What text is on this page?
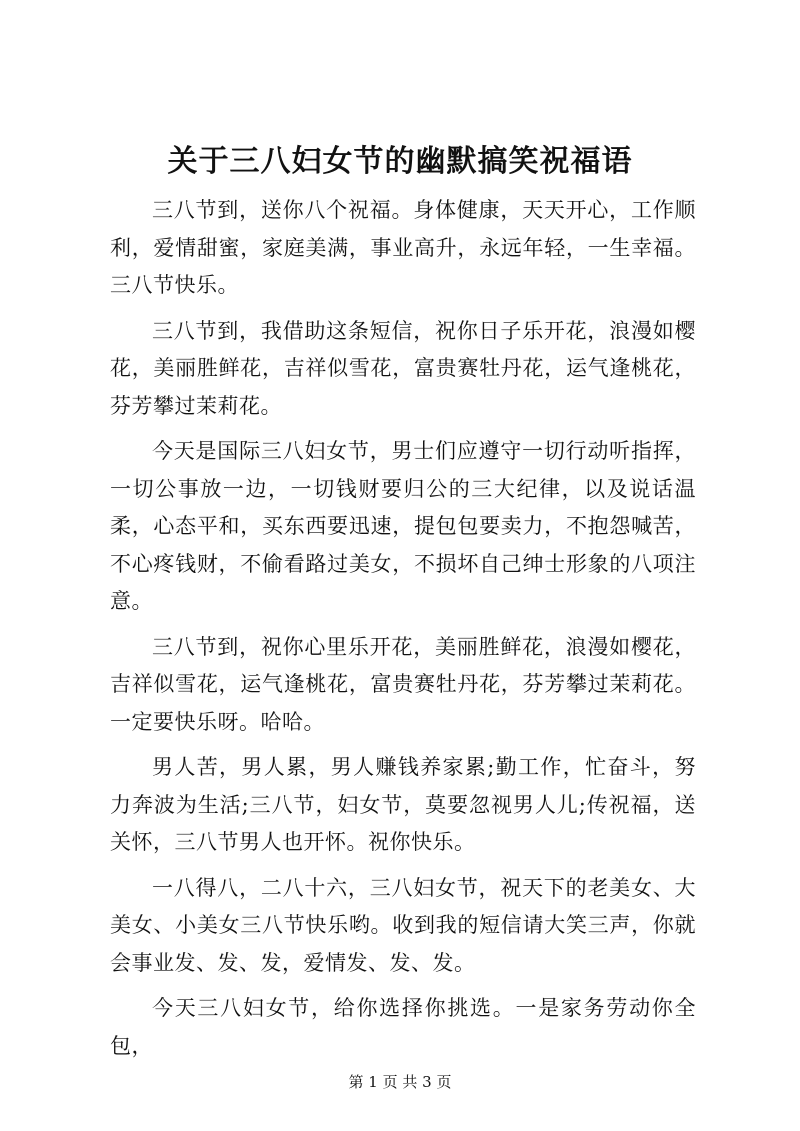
关于三八妇女节的幽默搞笑祝福语

三八节到，送你八个祝福。身体健康，天天开心，工作顺利，爱情甜蜜，家庭美满，事业高升，永远年轻，一生幸福。三八节快乐。

三八节到，我借助这条短信，祝你日子乐开花，浪漫如樱花，美丽胜鲜花，吉祥似雪花，富贵赛牡丹花，运气逢桃花，芬芳攀过茉莉花。

今天是国际三八妇女节，男士们应遵守一切行动听指挥，一切公事放一边，一切钱财要归公的三大纪律，以及说话温柔，心态平和，买东西要迅速，提包包要卖力，不抱怨喊苦，不心疼钱财，不偷看路过美女，不损坏自己绅士形象的八项注意。

三八节到，祝你心里乐开花，美丽胜鲜花，浪漫如樱花，吉祥似雪花，运气逢桃花，富贵赛牡丹花，芬芳攀过茉莉花。一定要快乐呀。哈哈。

男人苦，男人累，男人赚钱养家累;勤工作，忙奋斗，努力奔波为生活;三八节，妇女节，莫要忽视男人儿;传祝福，送关怀，三八节男人也开怀。祝你快乐。

一八得八，二八十六，三八妇女节，祝天下的老美女、大美女、小美女三八节快乐哟。收到我的短信请大笑三声，你就会事业发、发、发，爱情发、发、发。

今天三八妇女节，给你选择你挑选。一是家务劳动你全包，

第 1 页 共 3 页
